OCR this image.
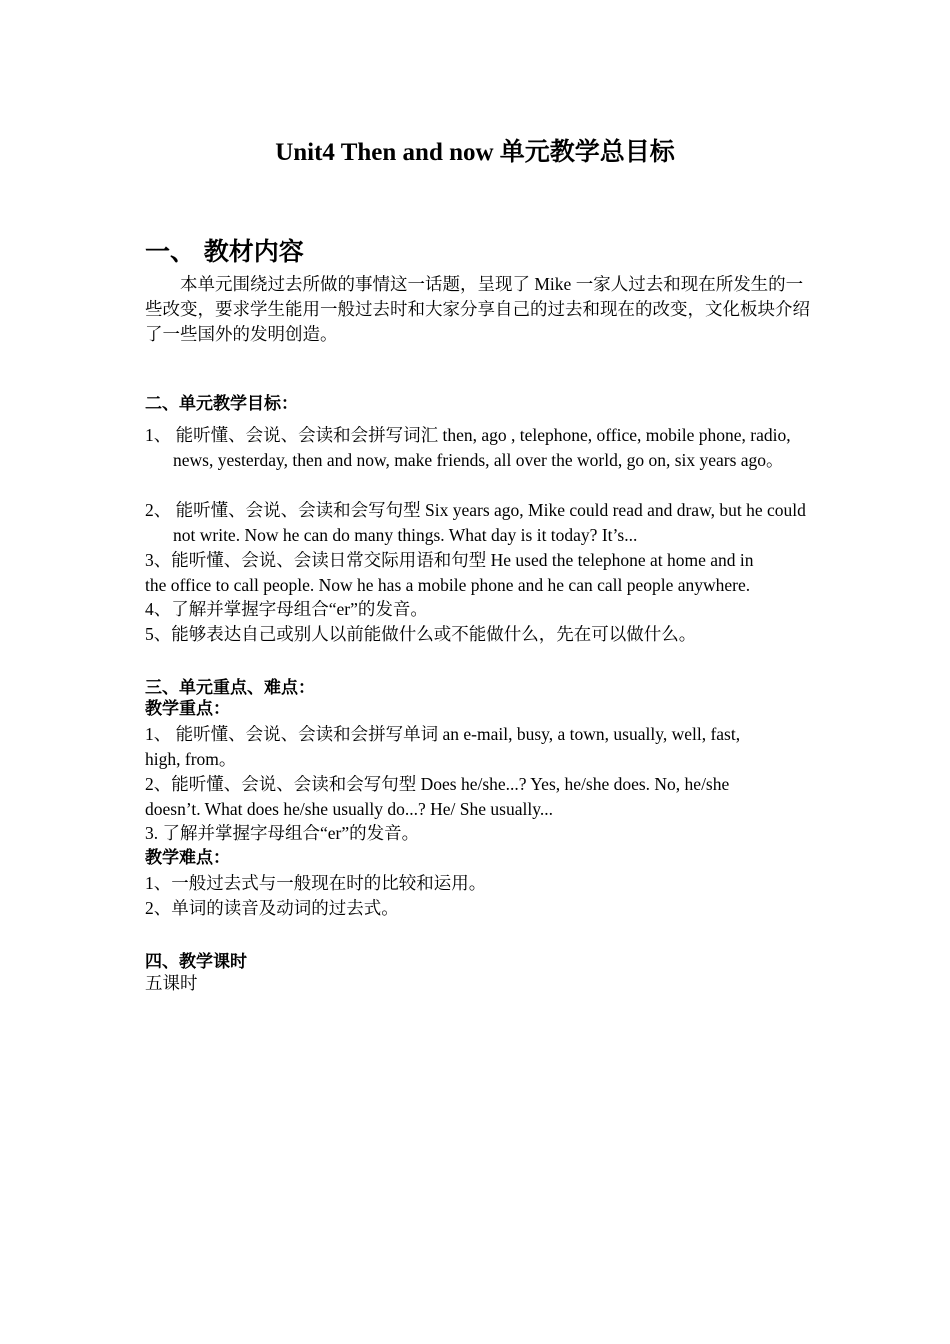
Unit4 Then and now 单元教学总目标
一、 教材内容
本单元围绕过去所做的事情这一话题，呈现了 Mike 一家人过去和现在所发生的一些改变，要求学生能用一般过去时和大家分享自己的过去和现在的改变，文化板块介绍了一些国外的发明创造。
二、单元教学目标：
1、 能听懂、会说、会读和会拼写词汇 then, ago , telephone, office, mobile phone, radio, news, yesterday, then and now, make friends, all over the world, go on, six years ago。
2、 能听懂、会说、会读和会写句型 Six years ago, Mike could read and draw, but he could not write. Now he can do many things. What day is it today? It’s...
3、能听懂、会说、会读日常交际用语和句型 He used the telephone at home and in
the office to call people. Now he has a mobile phone and he can call people anywhere.
4、了解并掌握字母组合“er”的发音。
5、能够表达自己或别人以前能做什么或不能做什么，先在可以做什么。
三、单元重点、难点：
教学重点：
1、 能听懂、会说、会读和会拼写单词 an e-mail, busy, a town, usually, well, fast,
high, from。
2、能听懂、会说、会读和会写句型 Does he/she...? Yes, he/she does. No, he/she
doesn’t. What does he/she usually do...? He/ She usually...
3. 了解并掌握字母组合“er”的发音。
教学难点：
1、一般过去式与一般现在时的比较和运用。
2、单词的读音及动词的过去式。
四、教学课时
五课时
